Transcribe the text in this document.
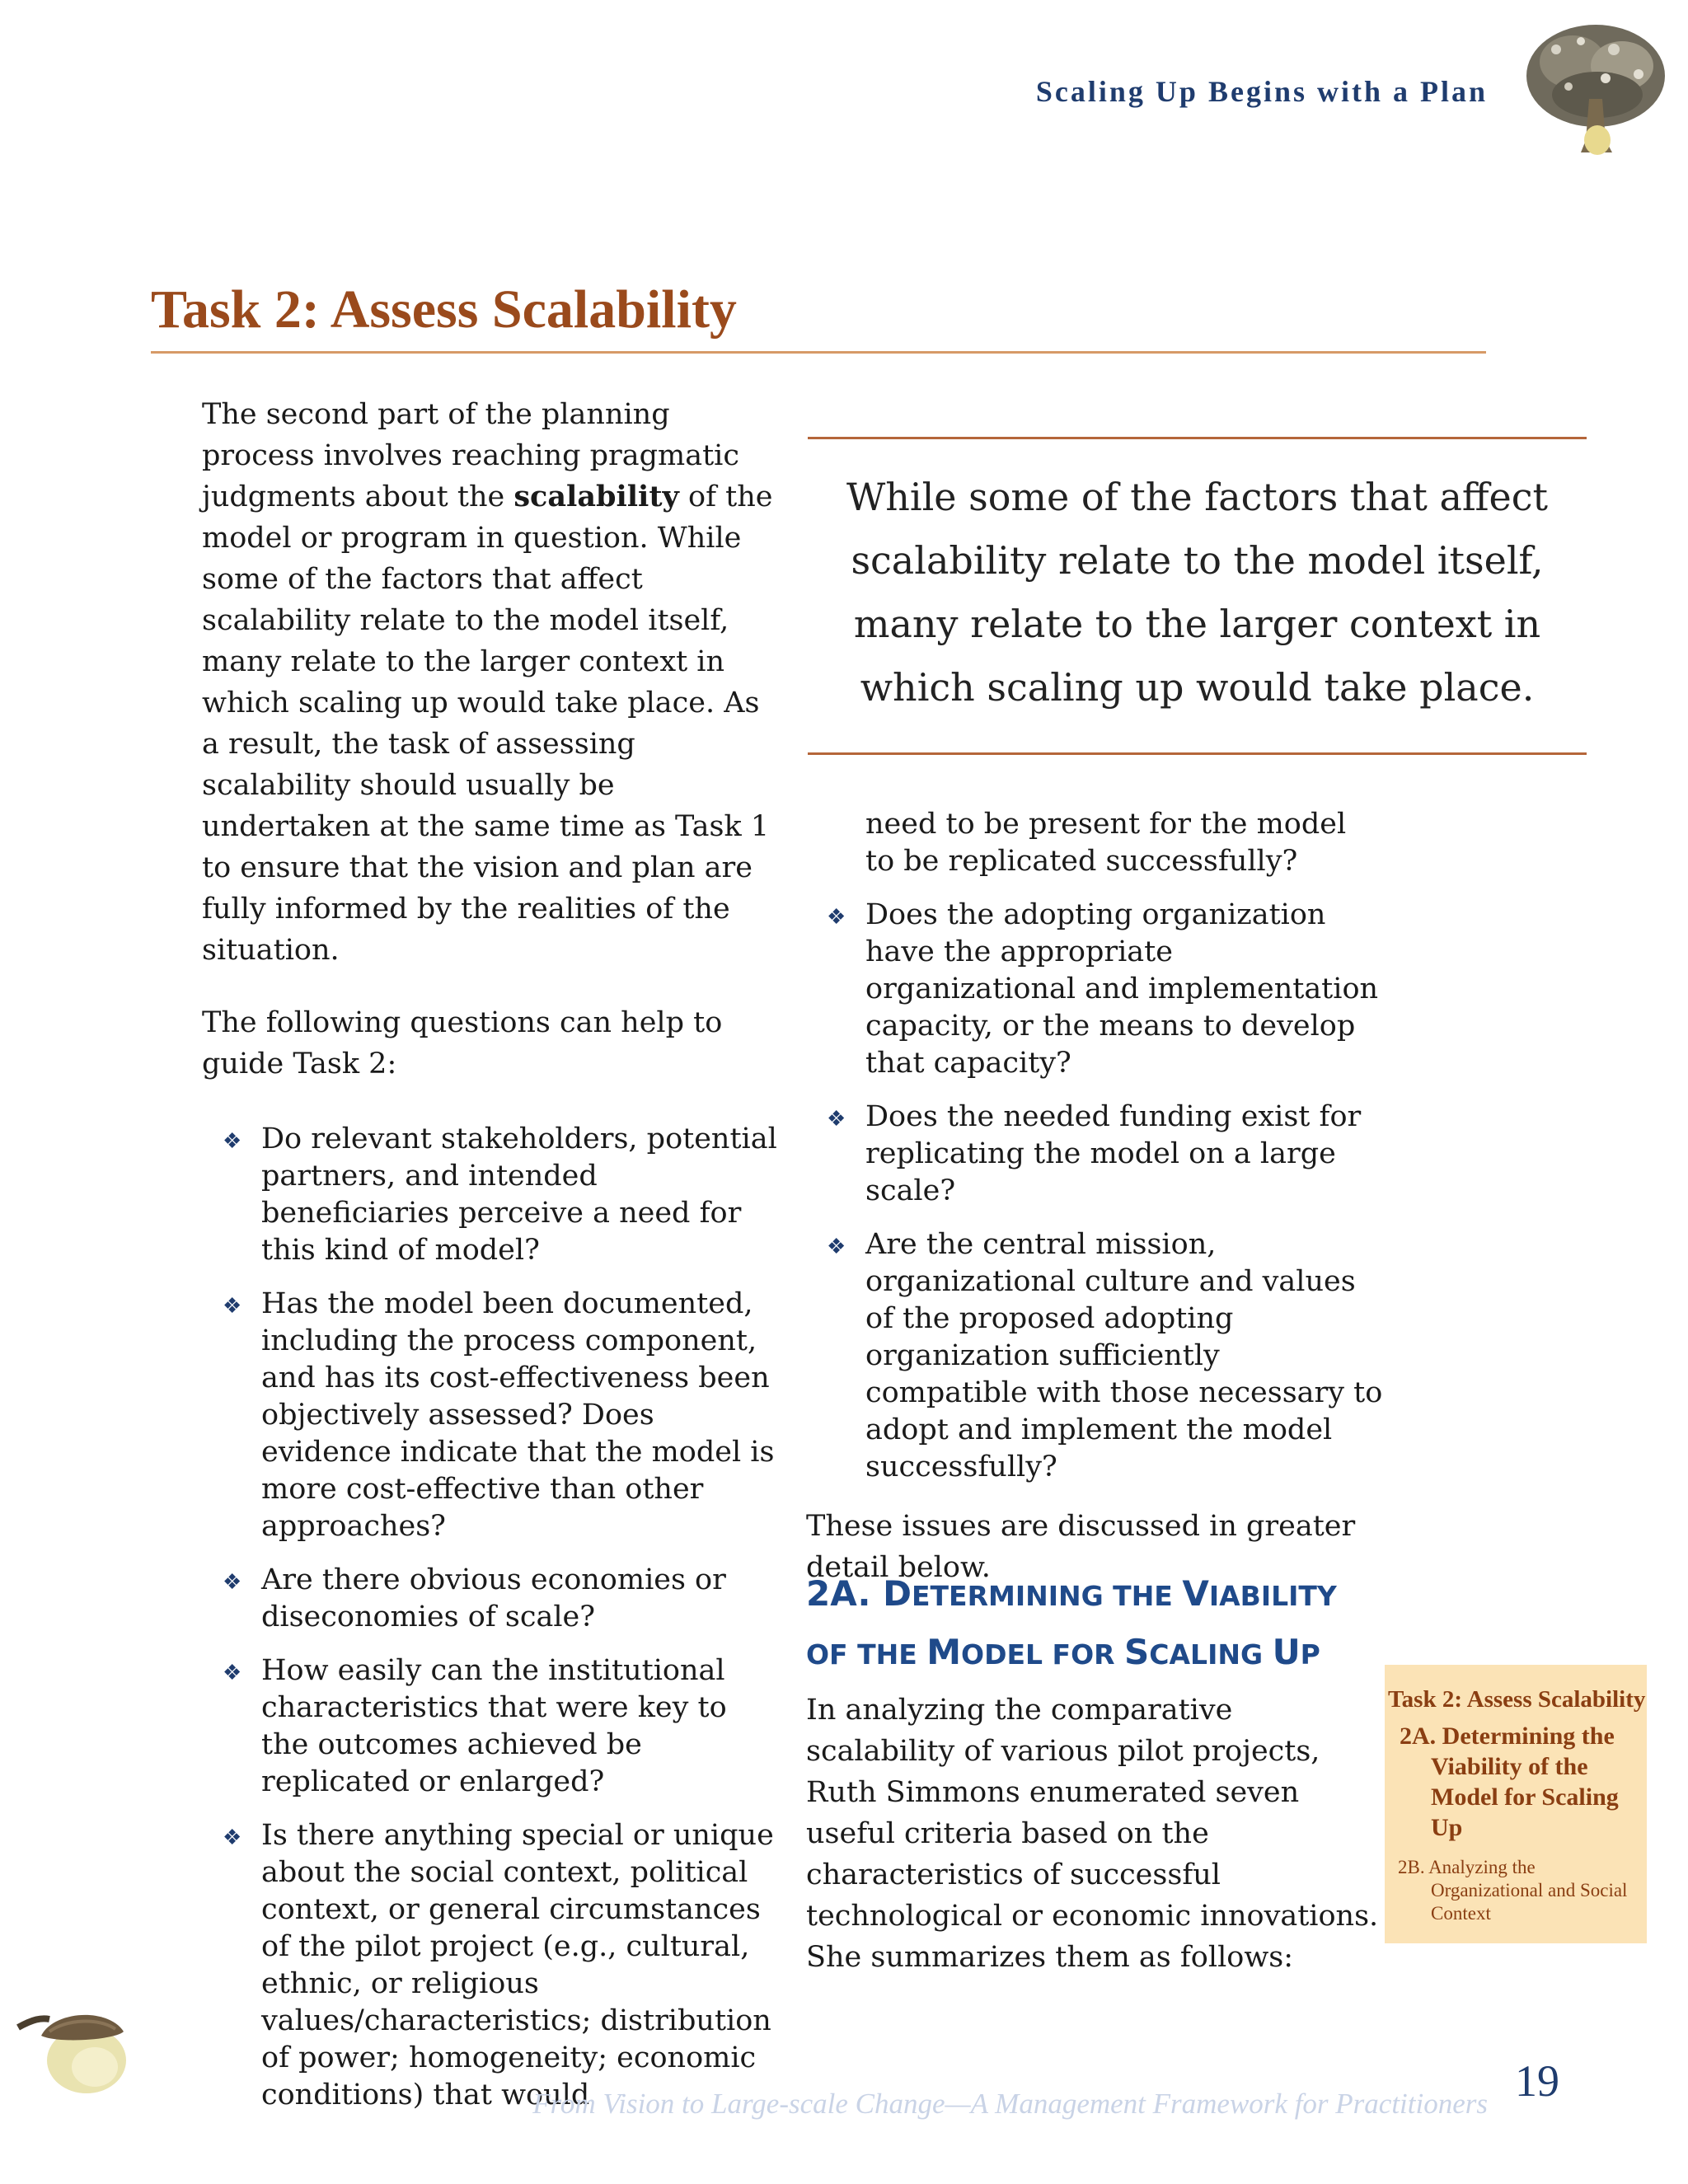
Scaling Up Begins with a Plan
Task 2: Assess Scalability

The second part of the planning process involves reaching pragmatic judgments about the scalability of the model or program in question. While some of the factors that affect scalability relate to the model itself, many relate to the larger context in which scaling up would take place. As a result, the task of assessing scalability should usually be undertaken at the same time as Task 1 to ensure that the vision and plan are fully informed by the realities of the situation.

The following questions can help to guide Task 2:

❖ Do relevant stakeholders, potential partners, and intended beneficiaries perceive a need for this kind of model?
❖ Has the model been documented, including the process component, and has its cost-effectiveness been objectively assessed? Does evidence indicate that the model is more cost-effective than other approaches?
❖ Are there obvious economies or diseconomies of scale?
❖ How easily can the institutional characteristics that were key to the outcomes achieved be replicated or enlarged?
❖ Is there anything special or unique about the social context, political context, or general circumstances of the pilot project (e.g., cultural, ethnic, or religious values/characteristics; distribution of power; homogeneity; economic conditions) that would
While some of the factors that affect scalability relate to the model itself, many relate to the larger context in which scaling up would take place.

need to be present for the model to be replicated successfully?

❖ Does the adopting organization have the appropriate organizational and implementation capacity, or the means to develop that capacity?
❖ Does the needed funding exist for replicating the model on a large scale?
❖ Are the central mission, organizational culture and values of the proposed adopting organization sufficiently compatible with those necessary to adopt and implement the model successfully?

These issues are discussed in greater detail below.

2A. DETERMINING THE VIABILITY
OF THE MODEL FOR SCALING UP

In analyzing the comparative scalability of various pilot projects, Ruth Simmons enumerated seven useful criteria based on the characteristics of successful technological or economic innovations. She summarizes them as follows:

Task 2: Assess Scalability
2A. Determining the
Viability of the Model for Scaling Up
2B. Analyzing the
Organizational and Social Context
From Vision to Large-scale Change—A Management Framework for Practitioners 19
